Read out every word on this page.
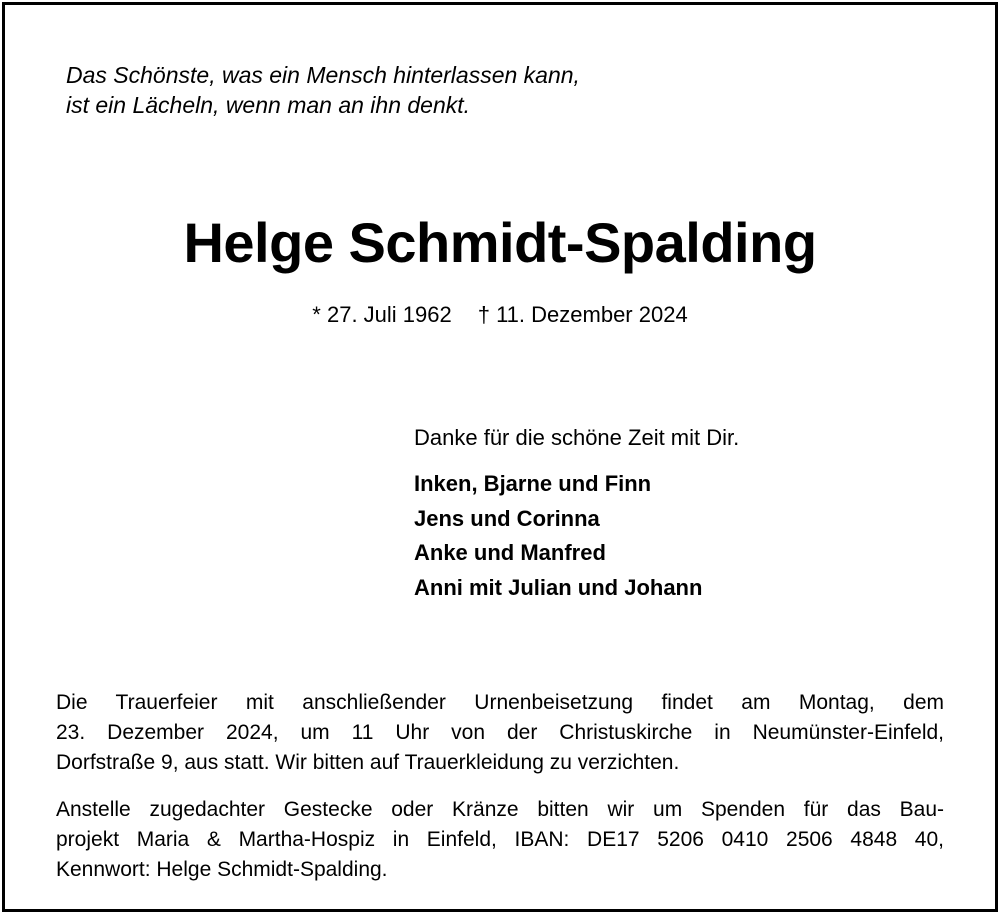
Das Schönste, was ein Mensch hinterlassen kann,
ist ein Lächeln, wenn man an ihn denkt.
Helge Schmidt-Spalding
* 27. Juli 1962 † 11. Dezember 2024
Danke für die schöne Zeit mit Dir.
Inken, Bjarne und Finn
Jens und Corinna
Anke und Manfred
Anni mit Julian und Johann
Die Trauerfeier mit anschließender Urnenbeisetzung findet am Montag, dem
23. Dezember 2024, um 11 Uhr von der Christuskirche in Neumünster-Einfeld,
Dorfstraße 9, aus statt. Wir bitten auf Trauerkleidung zu verzichten.
Anstelle zugedachter Gestecke oder Kränze bitten wir um Spenden für das Bau-
projekt Maria & Martha-Hospiz in Einfeld, IBAN: DE17 5206 0410 2506 4848 40,
Kennwort: Helge Schmidt-Spalding.
